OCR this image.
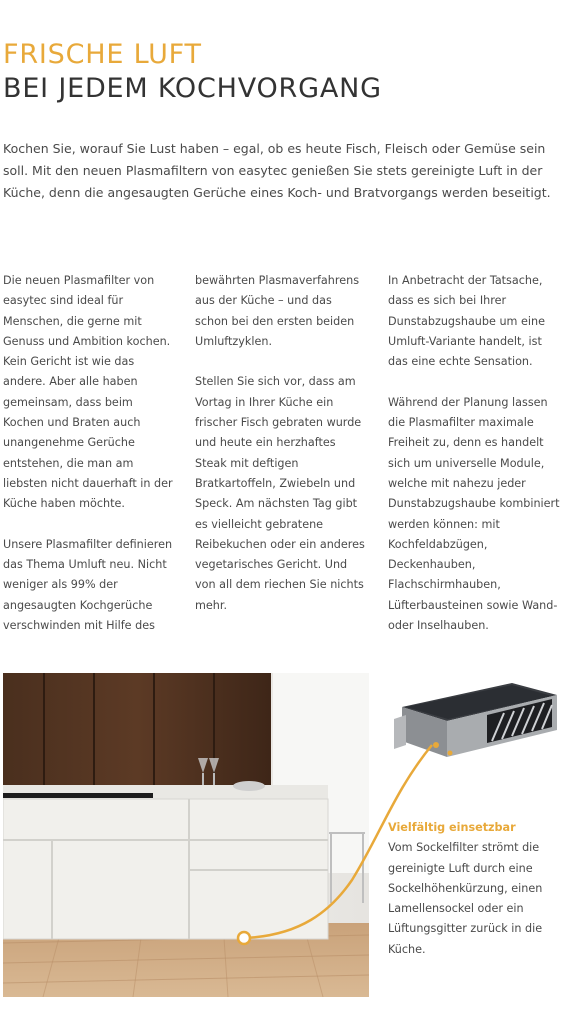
FRISCHE LUFT
BEI JEDEM KOCHVORGANG
Kochen Sie, worauf Sie Lust haben – egal, ob es heute Fisch, Fleisch oder Gemüse sein soll. Mit den neuen Plasmafiltern von easytec genießen Sie stets gereinigte Luft in der Küche, denn die angesaugten Gerüche eines Koch- und Bratvorgangs werden beseitigt.

Die neuen Plasmafilter von easytec sind ideal für Menschen, die gerne mit Genuss und Ambition kochen. Kein Gericht ist wie das andere. Aber alle haben gemeinsam, dass beim Kochen und Braten auch unangenehme Gerüche entstehen, die man am liebsten nicht dauerhaft in der Küche haben möchte.

Unsere Plasmafilter definieren das Thema Umluft neu. Nicht weniger als 99% der angesaugten Kochgerüche verschwinden mit Hilfe des

bewährten Plasmaverfahrens aus der Küche – und das schon bei den ersten beiden Umluftzyklen.

Stellen Sie sich vor, dass am Vortag in Ihrer Küche ein frischer Fisch gebraten wurde und heute ein herzhaftes Steak mit deftigen Bratkartoffeln, Zwiebeln und Speck. Am nächsten Tag gibt es vielleicht gebratene Reibekuchen oder ein anderes vegetarisches Gericht. Und von all dem riechen Sie nichts mehr.

In Anbetracht der Tatsache, dass es sich bei Ihrer Dunstabzugshaube um eine Umluft-Variante handelt, ist das eine echte Sensation.

Während der Planung lassen die Plasmafilter maximale Freiheit zu, denn es handelt sich um universelle Module, welche mit nahezu jeder Dunstabzugshaube kombiniert werden können: mit Kochfeldabzügen, Deckenhauben, Flachschirmhauben, Lüfterbausteinen sowie Wand- oder Inselhauben.

Vielfältig einsetzbar
Vom Sockelfilter strömt die gereinigte Luft durch eine Sockelhöhenkürzung, einen Lamellensockel oder ein Lüftungsgitter zurück in die Küche.
